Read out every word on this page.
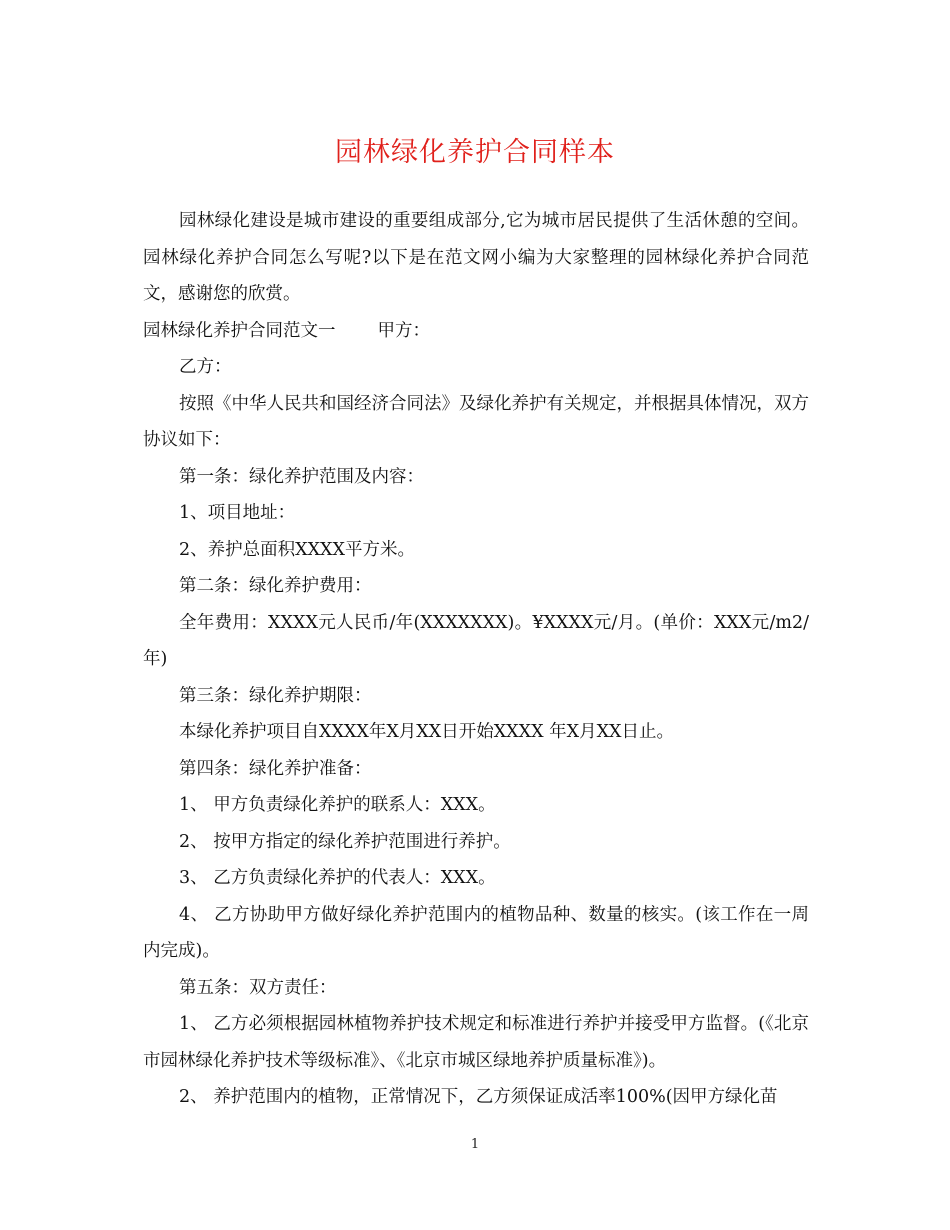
园林绿化养护合同样本

园林绿化建设是城市建设的重要组成部分,它为城市居民提供了生活休憩的空间。园林绿化养护合同怎么写呢?以下是在范文网小编为大家整理的园林绿化养护合同范文，感谢您的欣赏。

园林绿化养护合同范文一 甲方：

乙方：

按照《中华人民共和国经济合同法》及绿化养护有关规定，并根据具体情况，双方协议如下：

第一条：绿化养护范围及内容：

1、项目地址：

2、养护总面积XXXX平方米。

第二条：绿化养护费用：

全年费用：XXXX元人民币/年(XXXXXXX)。¥XXXX元/月。(单价：XXX元/m2/年)

第三条：绿化养护期限：

本绿化养护项目自XXXX年X月XX日开始XXXX 年X月XX日止。

第四条：绿化养护准备：

1、 甲方负责绿化养护的联系人：XXX。

2、 按甲方指定的绿化养护范围进行养护。

3、 乙方负责绿化养护的代表人：XXX。

4、 乙方协助甲方做好绿化养护范围内的植物品种、数量的核实。(该工作在一周内完成)。

第五条：双方责任：

1、 乙方必须根据园林植物养护技术规定和标准进行养护并接受甲方监督。(《北京市园林绿化养护技术等级标准》、《北京市城区绿地养护质量标准》)。

2、 养护范围内的植物，正常情况下，乙方须保证成活率100%(因甲方绿化苗

1
